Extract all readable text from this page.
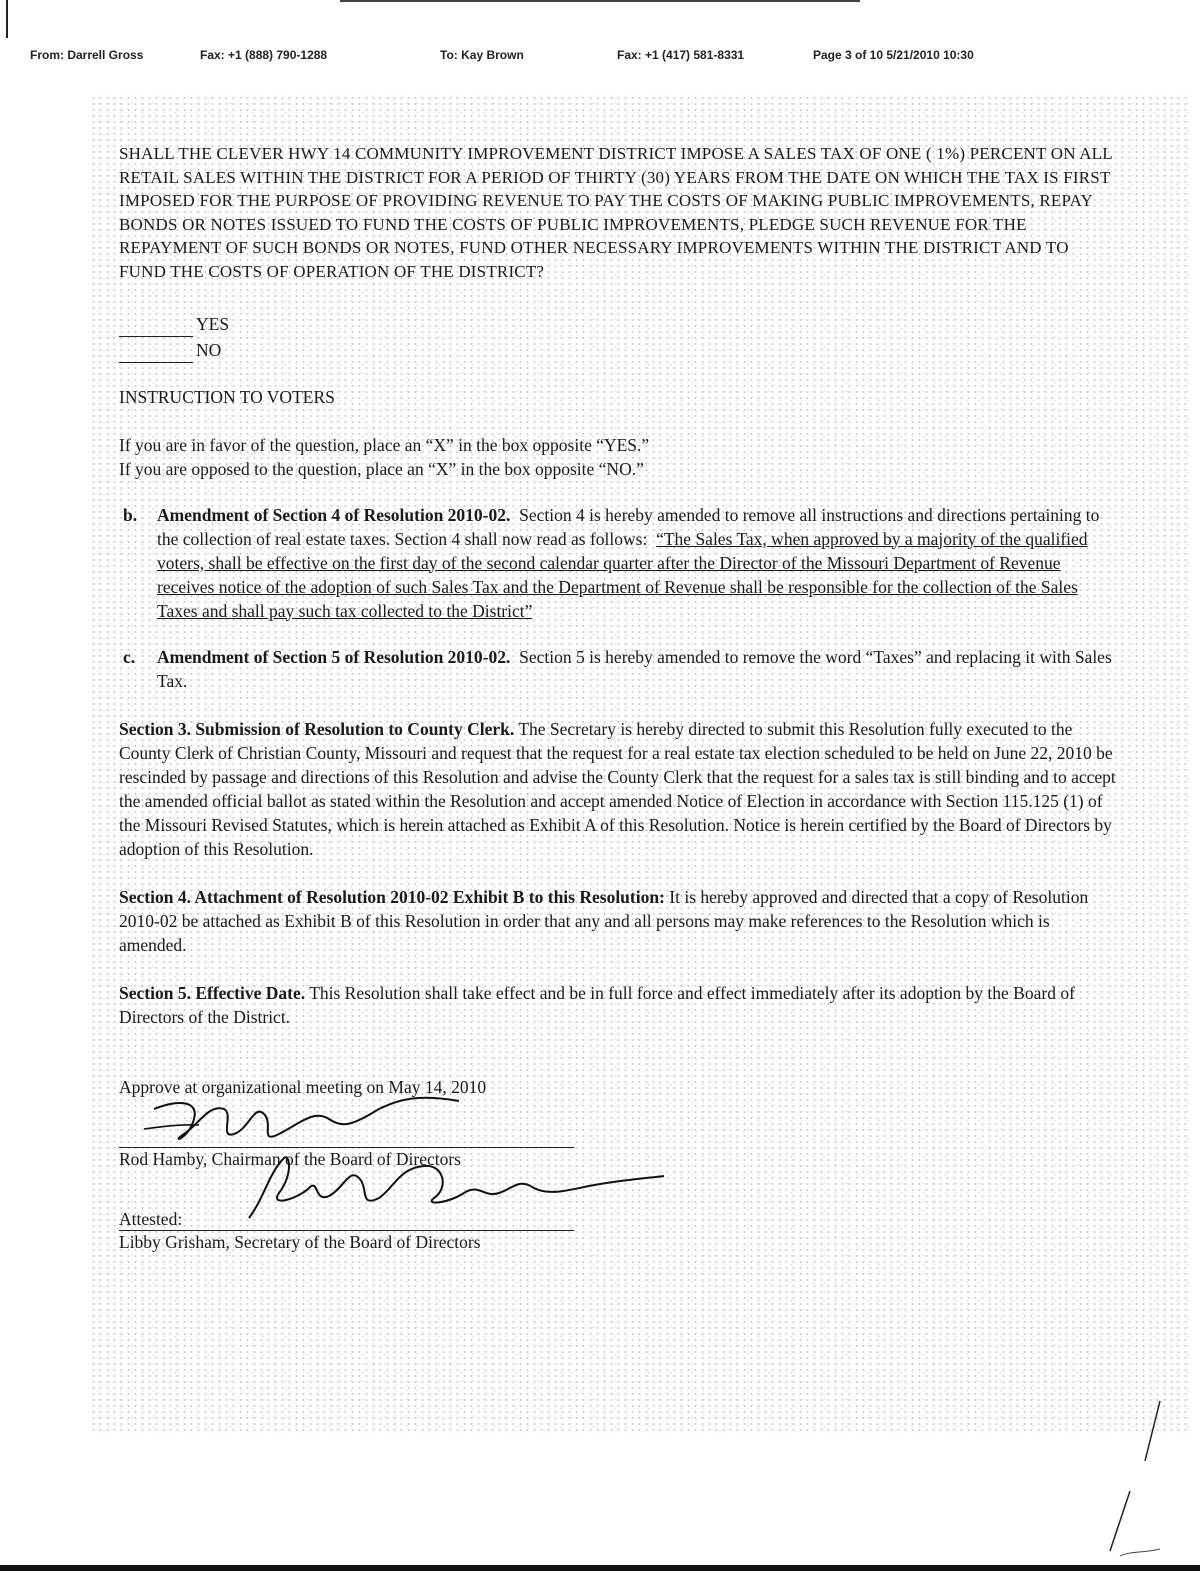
From: Darrell Gross	Fax: +1 (888) 790-1288	To: Kay Brown	Fax: +1 (417) 581-8331	Page 3 of 10 5/21/2010 10:30

SHALL THE CLEVER HWY 14 COMMUNITY IMPROVEMENT DISTRICT IMPOSE A SALES TAX OF ONE ( 1%) PERCENT ON ALL RETAIL SALES WITHIN THE DISTRICT FOR A PERIOD OF THIRTY (30) YEARS FROM THE DATE ON WHICH THE TAX IS FIRST IMPOSED FOR THE PURPOSE OF PROVIDING REVENUE TO PAY THE COSTS OF MAKING PUBLIC IMPROVEMENTS, REPAY BONDS OR NOTES ISSUED TO FUND THE COSTS OF PUBLIC IMPROVEMENTS, PLEDGE SUCH REVENUE FOR THE REPAYMENT OF SUCH BONDS OR NOTES, FUND OTHER NECESSARY IMPROVEMENTS WITHIN THE DISTRICT AND TO FUND THE COSTS OF OPERATION OF THE DISTRICT?

YES
NO
INSTRUCTION TO VOTERS
If you are in favor of the question, place an “X” in the box opposite “YES.”
If you are opposed to the question, place an “X” in the box opposite “NO.”
b. Amendment of Section 4 of Resolution 2010-02. Section 4 is hereby amended to remove all instructions and directions pertaining to the collection of real estate taxes. Section 4 shall now read as follows: “The Sales Tax, when approved by a majority of the qualified voters, shall be effective on the first day of the second calendar quarter after the Director of the Missouri Department of Revenue receives notice of the adoption of such Sales Tax and the Department of Revenue shall be responsible for the collection of the Sales Taxes and shall pay such tax collected to the District”
c. Amendment of Section 5 of Resolution 2010-02. Section 5 is hereby amended to remove the word “Taxes” and replacing it with Sales Tax.
Section 3. Submission of Resolution to County Clerk. The Secretary is hereby directed to submit this Resolution fully executed to the County Clerk of Christian County, Missouri and request that the request for a real estate tax election scheduled to be held on June 22, 2010 be rescinded by passage and directions of this Resolution and advise the County Clerk that the request for a sales tax is still binding and to accept the amended official ballot as stated within the Resolution and accept amended Notice of Election in accordance with Section 115.125 (1) of the Missouri Revised Statutes, which is herein attached as Exhibit A of this Resolution. Notice is herein certified by the Board of Directors by adoption of this Resolution.
Section 4. Attachment of Resolution 2010-02 Exhibit B to this Resolution: It is hereby approved and directed that a copy of Resolution 2010-02 be attached as Exhibit B of this Resolution in order that any and all persons may make references to the Resolution which is amended.
Section 5. Effective Date. This Resolution shall take effect and be in full force and effect immediately after its adoption by the Board of Directors of the District.
Approve at organizational meeting on May 14, 2010
Rod Hamby, Chairman of the Board of Directors
Attested:
Libby Grisham, Secretary of the Board of Directors
